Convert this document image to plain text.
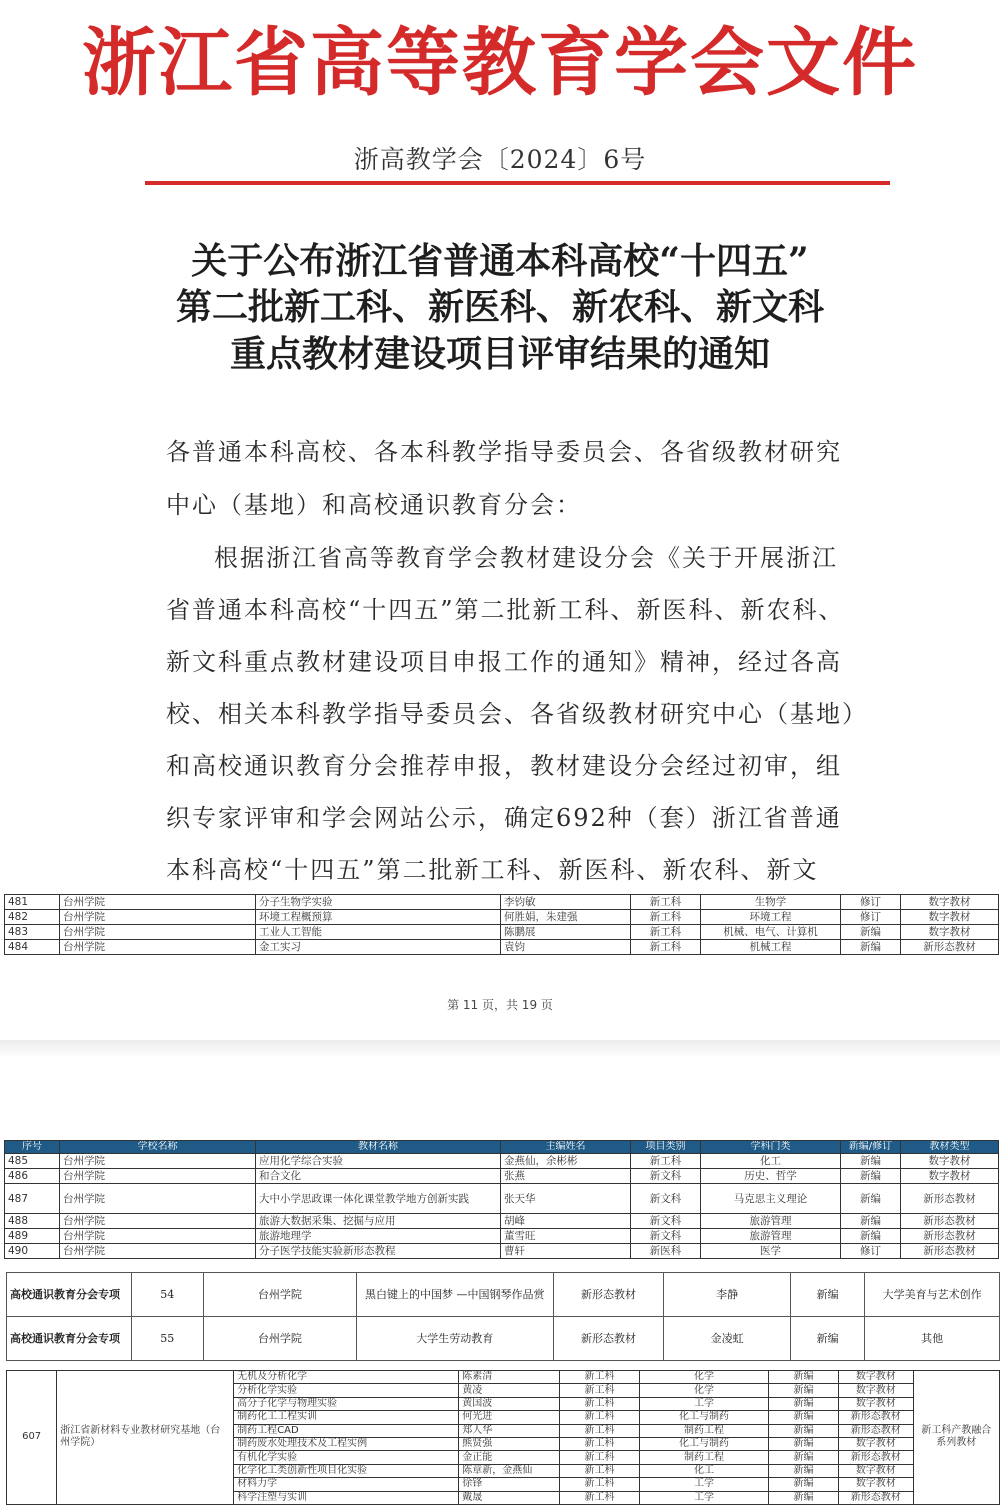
浙江省高等教育学会文件
浙高教学会〔2024〕6号
关于公布浙江省普通本科高校“十四五”
第二批新工科、新医科、新农科、新文科
重点教材建设项目评审结果的通知
各普通本科高校、各本科教学指导委员会、各省级教材研究
中心（基地）和高校通识教育分会：
根据浙江省高等教育学会教材建设分会《关于开展浙江
省普通本科高校“十四五”第二批新工科、新医科、新农科、
新文科重点教材建设项目申报工作的通知》精神，经过各高
校、相关本科教学指导委员会、各省级教材研究中心（基地）
和高校通识教育分会推荐申报，教材建设分会经过初审，组
织专家评审和学会网站公示，确定692种（套）浙江省普通
本科高校“十四五”第二批新工科、新医科、新农科、新文
481	台州学院	分子生物学实验	李钧敏	新工科	生物学	修订	数字教材
482	台州学院	环境工程概预算	何胜娟，朱建强	新工科	环境工程	修订	数字教材
483	台州学院	工业人工智能	陈鹏展	新工科	机械、电气、计算机	新编	数字教材
484	台州学院	金工实习	袁钧	新工科	机械工程	新编	新形态教材
第 11 页，共 19 页
序号	学校名称	教材名称	主编姓名	项目类别	学科门类	新编/修订	教材类型
485	台州学院	应用化学综合实验	金燕仙，余彬彬	新工科	化工	新编	数字教材
486	台州学院	和合文化	张燕	新文科	历史、哲学	新编	数字教材
487	台州学院	大中小学思政课一体化课堂教学地方创新实践	张天华	新文科	马克思主义理论	新编	新形态教材
488	台州学院	旅游大数据采集、挖掘与应用	胡峰	新文科	旅游管理	新编	新形态教材
489	台州学院	旅游地理学	董雪旺	新文科	旅游管理	新编	新形态教材
490	台州学院	分子医学技能实验新形态教程	曹轩	新医科	医学	修订	新形态教材
高校通识教育分会专项	54	台州学院	黑白键上的中国梦 —中国钢琴作品赏	新形态教材	李静	新编	大学美育与艺术创作
高校通识教育分会专项	55	台州学院	大学生劳动教育	新形态教材	金凌虹	新编	其他
607	浙江省新材料专业教材研究基地（台州学院）	无机及分析化学	陈素清	新工科	化学	新编	数字教材	新工科产教融合系列教材
		分析化学实验	黄凌	新工科	化学	新编	数字教材	
		高分子化学与物理实验	黄国波	新工科	工学	新编	数字教材	
		制药化工工程实训	何光进	新工科	化工与制药	新编	新形态教材	
		制药工程CAD	郑人华	新工科	制药工程	新编	新形态教材	
		制药废水处理技术及工程实例	熊贤强	新工科	化工与制药	新编	数字教材	
		有机化学实验	金正能	新工科	制药工程	新编	新形态教材	
		化学化工类创新性项目化实验	陈章新，金燕仙	新工科	化工	新编	数字教材	
		材料力学	徐锋	新工科	工学	新编	数字教材	
		科学注塑与实训	戴晟	新工科	工学	新编	新形态教材	
